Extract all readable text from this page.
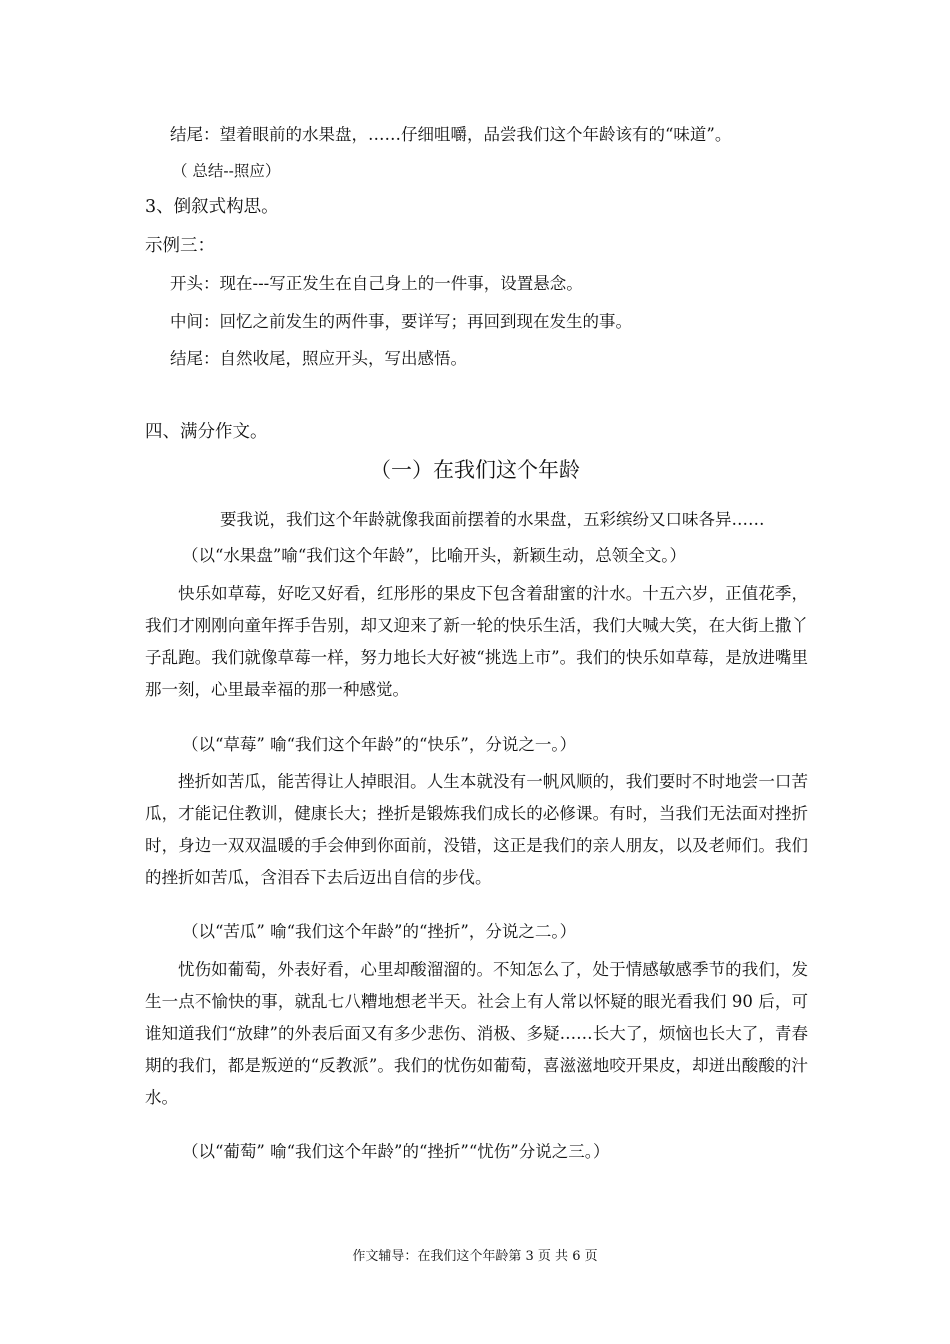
结尾：望着眼前的水果盘，……仔细咀嚼，品尝我们这个年龄该有的“味道”。
（ 总结--照应）
3、倒叙式构思。
示例三：
开头：现在---写正发生在自己身上的一件事，设置悬念。
中间：回忆之前发生的两件事，要详写；再回到现在发生的事。
结尾：自然收尾，照应开头，写出感悟。
四、满分作文。
（一）在我们这个年龄
要我说，我们这个年龄就像我面前摆着的水果盘，五彩缤纷又口味各异……
（以“水果盘”喻“我们这个年龄”，比喻开头，新颖生动，总领全文。）

快乐如草莓，好吃又好看，红彤彤的果皮下包含着甜蜜的汁水。十五六岁，正值花季，我们才刚刚向童年挥手告别，却又迎来了新一轮的快乐生活，我们大喊大笑，在大街上撒丫子乱跑。我们就像草莓一样，努力地长大好被“挑选上市”。我们的快乐如草莓，是放进嘴里那一刻，心里最幸福的那一种感觉。

（以“草莓” 喻“我们这个年龄”的“快乐”，分说之一。）

挫折如苦瓜，能苦得让人掉眼泪。人生本就没有一帆风顺的，我们要时不时地尝一口苦瓜，才能记住教训，健康长大；挫折是锻炼我们成长的必修课。有时，当我们无法面对挫折时，身边一双双温暖的手会伸到你面前，没错，这正是我们的亲人朋友，以及老师们。我们的挫折如苦瓜，含泪吞下去后迈出自信的步伐。

（以“苦瓜” 喻“我们这个年龄”的“挫折”，分说之二。）

忧伤如葡萄，外表好看，心里却酸溜溜的。不知怎么了，处于情感敏感季节的我们，发生一点不愉快的事，就乱七八糟地想老半天。社会上有人常以怀疑的眼光看我们 90 后，可谁知道我们“放肆”的外表后面又有多少悲伤、消极、多疑……长大了，烦恼也长大了，青春期的我们，都是叛逆的“反教派”。我们的忧伤如葡萄，喜滋滋地咬开果皮，却迸出酸酸的汁水。

（以“葡萄” 喻“我们这个年龄”的“挫折”“忧伤”分说之三。）
作文辅导：在我们这个年龄第 3 页 共 6 页
